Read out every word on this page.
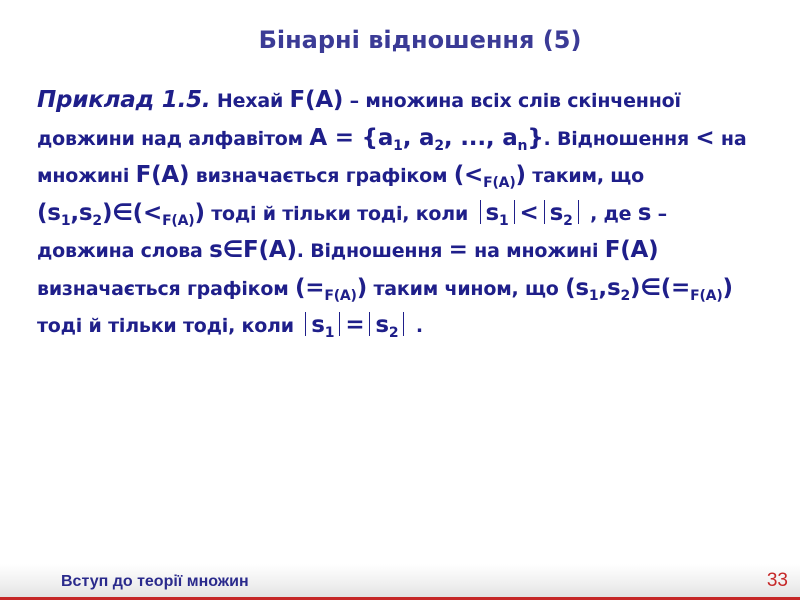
Бінарні відношення (5)
Приклад 1.5. Нехай F(A) – множина всіх слів скінченної
довжини над алфавітом $A = \{a_1$, $a_2$, ..., $a_n$}. Відношення < на
множині F(A) визначається графіком $(<_{F(A)})$ таким, що
$(s_1,s_2)\in(<_{F(A)})$ тоді й тільки тоді, коли $s_1 < s_2$ , де s –
довжина слова s∈F(A). Відношення = на множині F(A)
визначається графіком $(=_{F(A)})$ таким чином, що $(s_1,s_2)\in(=_{F(A)})$
тоді й тільки тоді, коли $s_1 = s_2$ .
Вступ до теорії множин	33
